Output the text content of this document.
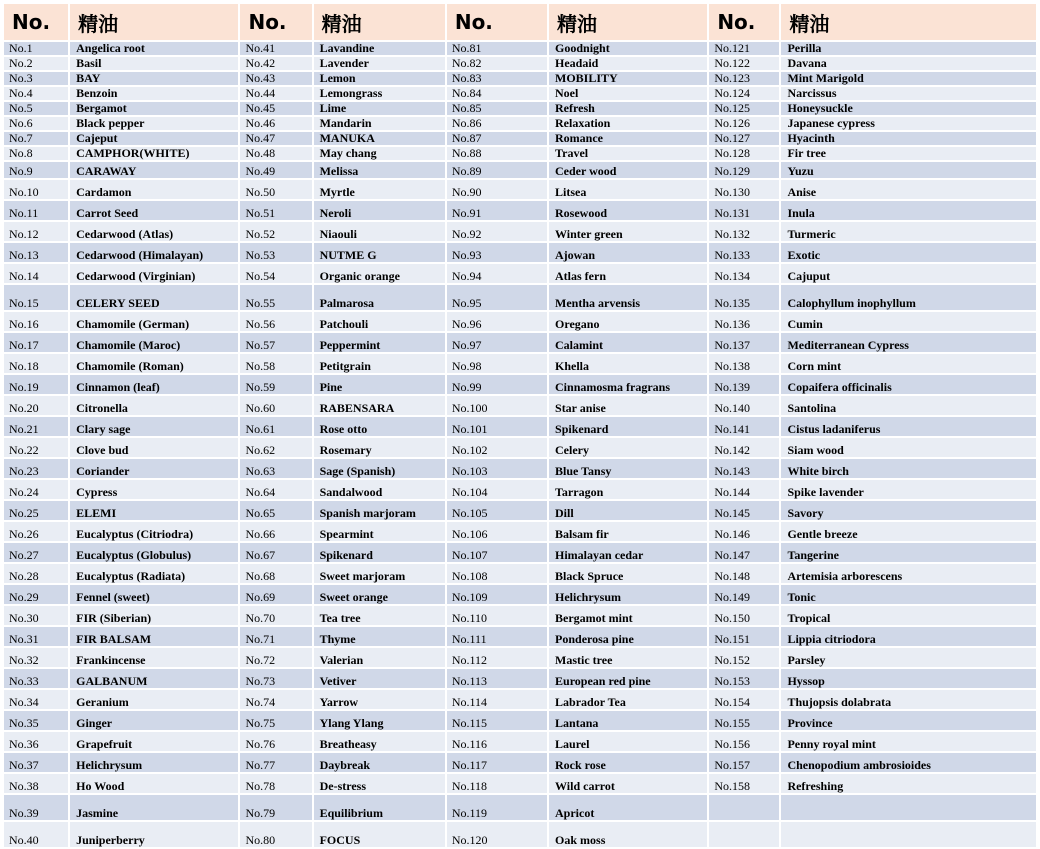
No.	精油	No.	精油	No.	精油	No.	精油
No.1	Angelica root	No.41	Lavandine	No.81	Goodnight	No.121	Perilla
No.2	Basil	No.42	Lavender	No.82	Headaid	No.122	Davana
No.3	BAY	No.43	Lemon	No.83	MOBILITY	No.123	Mint Marigold
No.4	Benzoin	No.44	Lemongrass	No.84	Noel	No.124	Narcissus
No.5	Bergamot	No.45	Lime	No.85	Refresh	No.125	Honeysuckle
No.6	Black pepper	No.46	Mandarin	No.86	Relaxation	No.126	Japanese cypress
No.7	Cajeput	No.47	MANUKA	No.87	Romance	No.127	Hyacinth
No.8	CAMPHOR(WHITE)	No.48	May chang	No.88	Travel	No.128	Fir tree
No.9	CARAWAY	No.49	Melissa	No.89	Ceder wood	No.129	Yuzu
No.10	Cardamon	No.50	Myrtle	No.90	Litsea	No.130	Anise
No.11	Carrot Seed	No.51	Neroli	No.91	Rosewood	No.131	Inula
No.12	Cedarwood (Atlas)	No.52	Niaouli	No.92	Winter green	No.132	Turmeric
No.13	Cedarwood (Himalayan)	No.53	NUTME G	No.93	Ajowan	No.133	Exotic
No.14	Cedarwood (Virginian)	No.54	Organic orange	No.94	Atlas fern	No.134	Cajuput
No.15	CELERY SEED	No.55	Palmarosa	No.95	Mentha arvensis	No.135	Calophyllum inophyllum
No.16	Chamomile (German)	No.56	Patchouli	No.96	Oregano	No.136	Cumin
No.17	Chamomile (Maroc)	No.57	Peppermint	No.97	Calamint	No.137	Mediterranean Cypress
No.18	Chamomile (Roman)	No.58	Petitgrain	No.98	Khella	No.138	Corn mint
No.19	Cinnamon (leaf)	No.59	Pine	No.99	Cinnamosma fragrans	No.139	Copaifera officinalis
No.20	Citronella	No.60	RABENSARA	No.100	Star anise	No.140	Santolina
No.21	Clary sage	No.61	Rose otto	No.101	Spikenard	No.141	Cistus ladaniferus
No.22	Clove bud	No.62	Rosemary	No.102	Celery	No.142	Siam wood
No.23	Coriander	No.63	Sage (Spanish)	No.103	Blue Tansy	No.143	White birch
No.24	Cypress	No.64	Sandalwood	No.104	Tarragon	No.144	Spike lavender
No.25	ELEMI	No.65	Spanish marjoram	No.105	Dill	No.145	Savory
No.26	Eucalyptus (Citriodra)	No.66	Spearmint	No.106	Balsam fir	No.146	Gentle breeze
No.27	Eucalyptus (Globulus)	No.67	Spikenard	No.107	Himalayan cedar	No.147	Tangerine
No.28	Eucalyptus (Radiata)	No.68	Sweet marjoram	No.108	Black Spruce	No.148	Artemisia arborescens
No.29	Fennel (sweet)	No.69	Sweet orange	No.109	Helichrysum	No.149	Tonic
No.30	FIR (Siberian)	No.70	Tea tree	No.110	Bergamot mint	No.150	Tropical
No.31	FIR BALSAM	No.71	Thyme	No.111	Ponderosa pine	No.151	Lippia citriodora
No.32	Frankincense	No.72	Valerian	No.112	Mastic tree	No.152	Parsley
No.33	GALBANUM	No.73	Vetiver	No.113	European red pine	No.153	Hyssop
No.34	Geranium	No.74	Yarrow	No.114	Labrador Tea	No.154	Thujopsis dolabrata
No.35	Ginger	No.75	Ylang Ylang	No.115	Lantana	No.155	Province
No.36	Grapefruit	No.76	Breatheasy	No.116	Laurel	No.156	Penny royal mint
No.37	Helichrysum	No.77	Daybreak	No.117	Rock rose	No.157	Chenopodium ambrosioides
No.38	Ho Wood	No.78	De-stress	No.118	Wild carrot	No.158	Refreshing
No.39	Jasmine	No.79	Equilibrium	No.119	Apricot		
No.40	Juniperberry	No.80	FOCUS	No.120	Oak moss		
